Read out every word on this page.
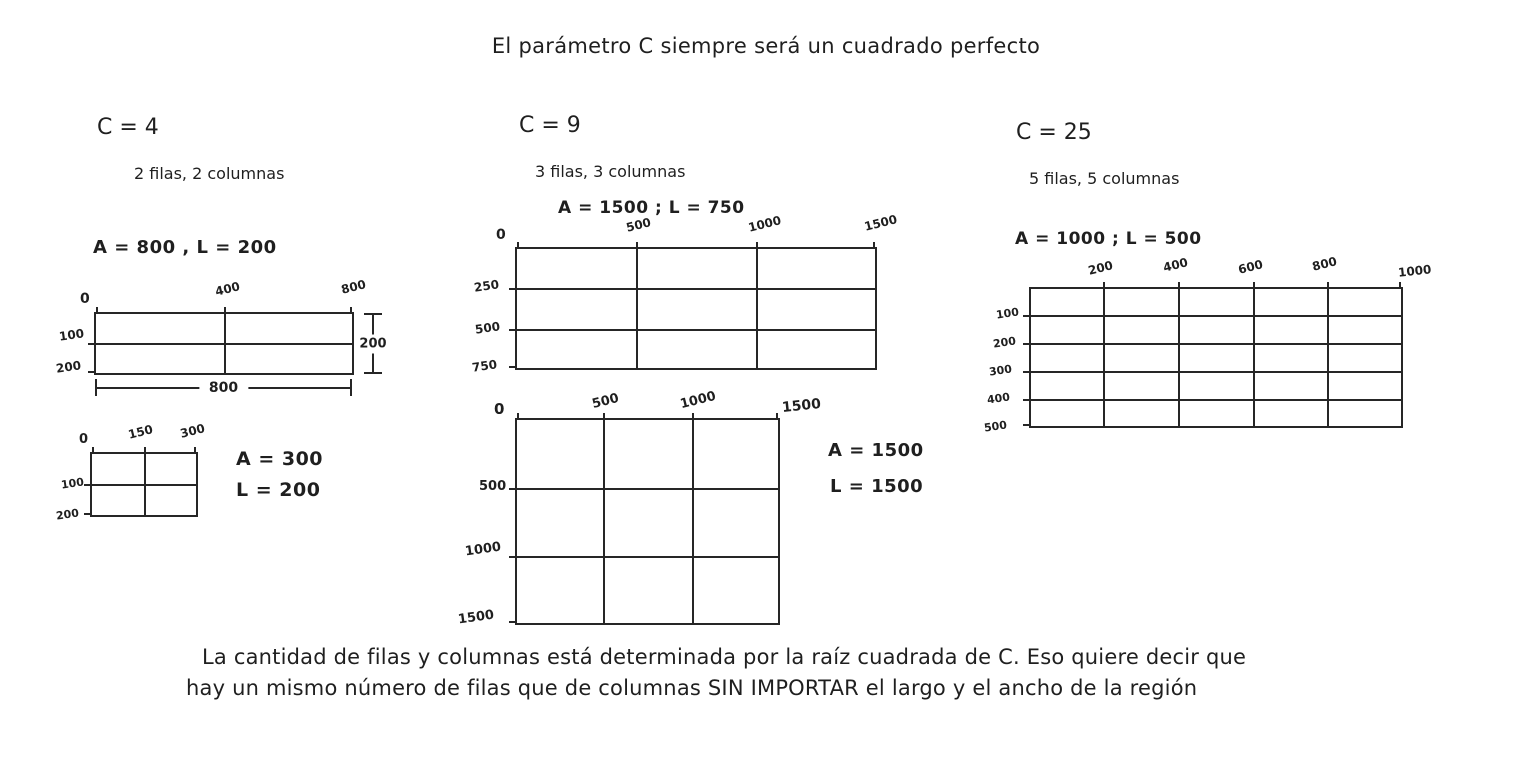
El parámetro C siempre será un cuadrado perfecto
C = 4
2 filas, 2 columnas
A = 800 , L = 200
0
400	800
100
200
200
800
0	150 300
100
200
A = 300
L = 200
C = 9
3 filas, 3 columnas
A = 1500 ; L = 750
0
500	1000	1500
250
500
750
0	500	1000	1500
500
1000
1500
A = 1500
L = 1500
C = 25
5 filas, 5 columnas
A = 1000 ; L = 500
200	400	600	800	1000
100
200
300
400
500
La cantidad de filas y columnas está determinada por la raíz cuadrada de C. Eso quiere decir que
hay un mismo número de filas que de columnas SIN IMPORTAR el largo y el ancho de la región
